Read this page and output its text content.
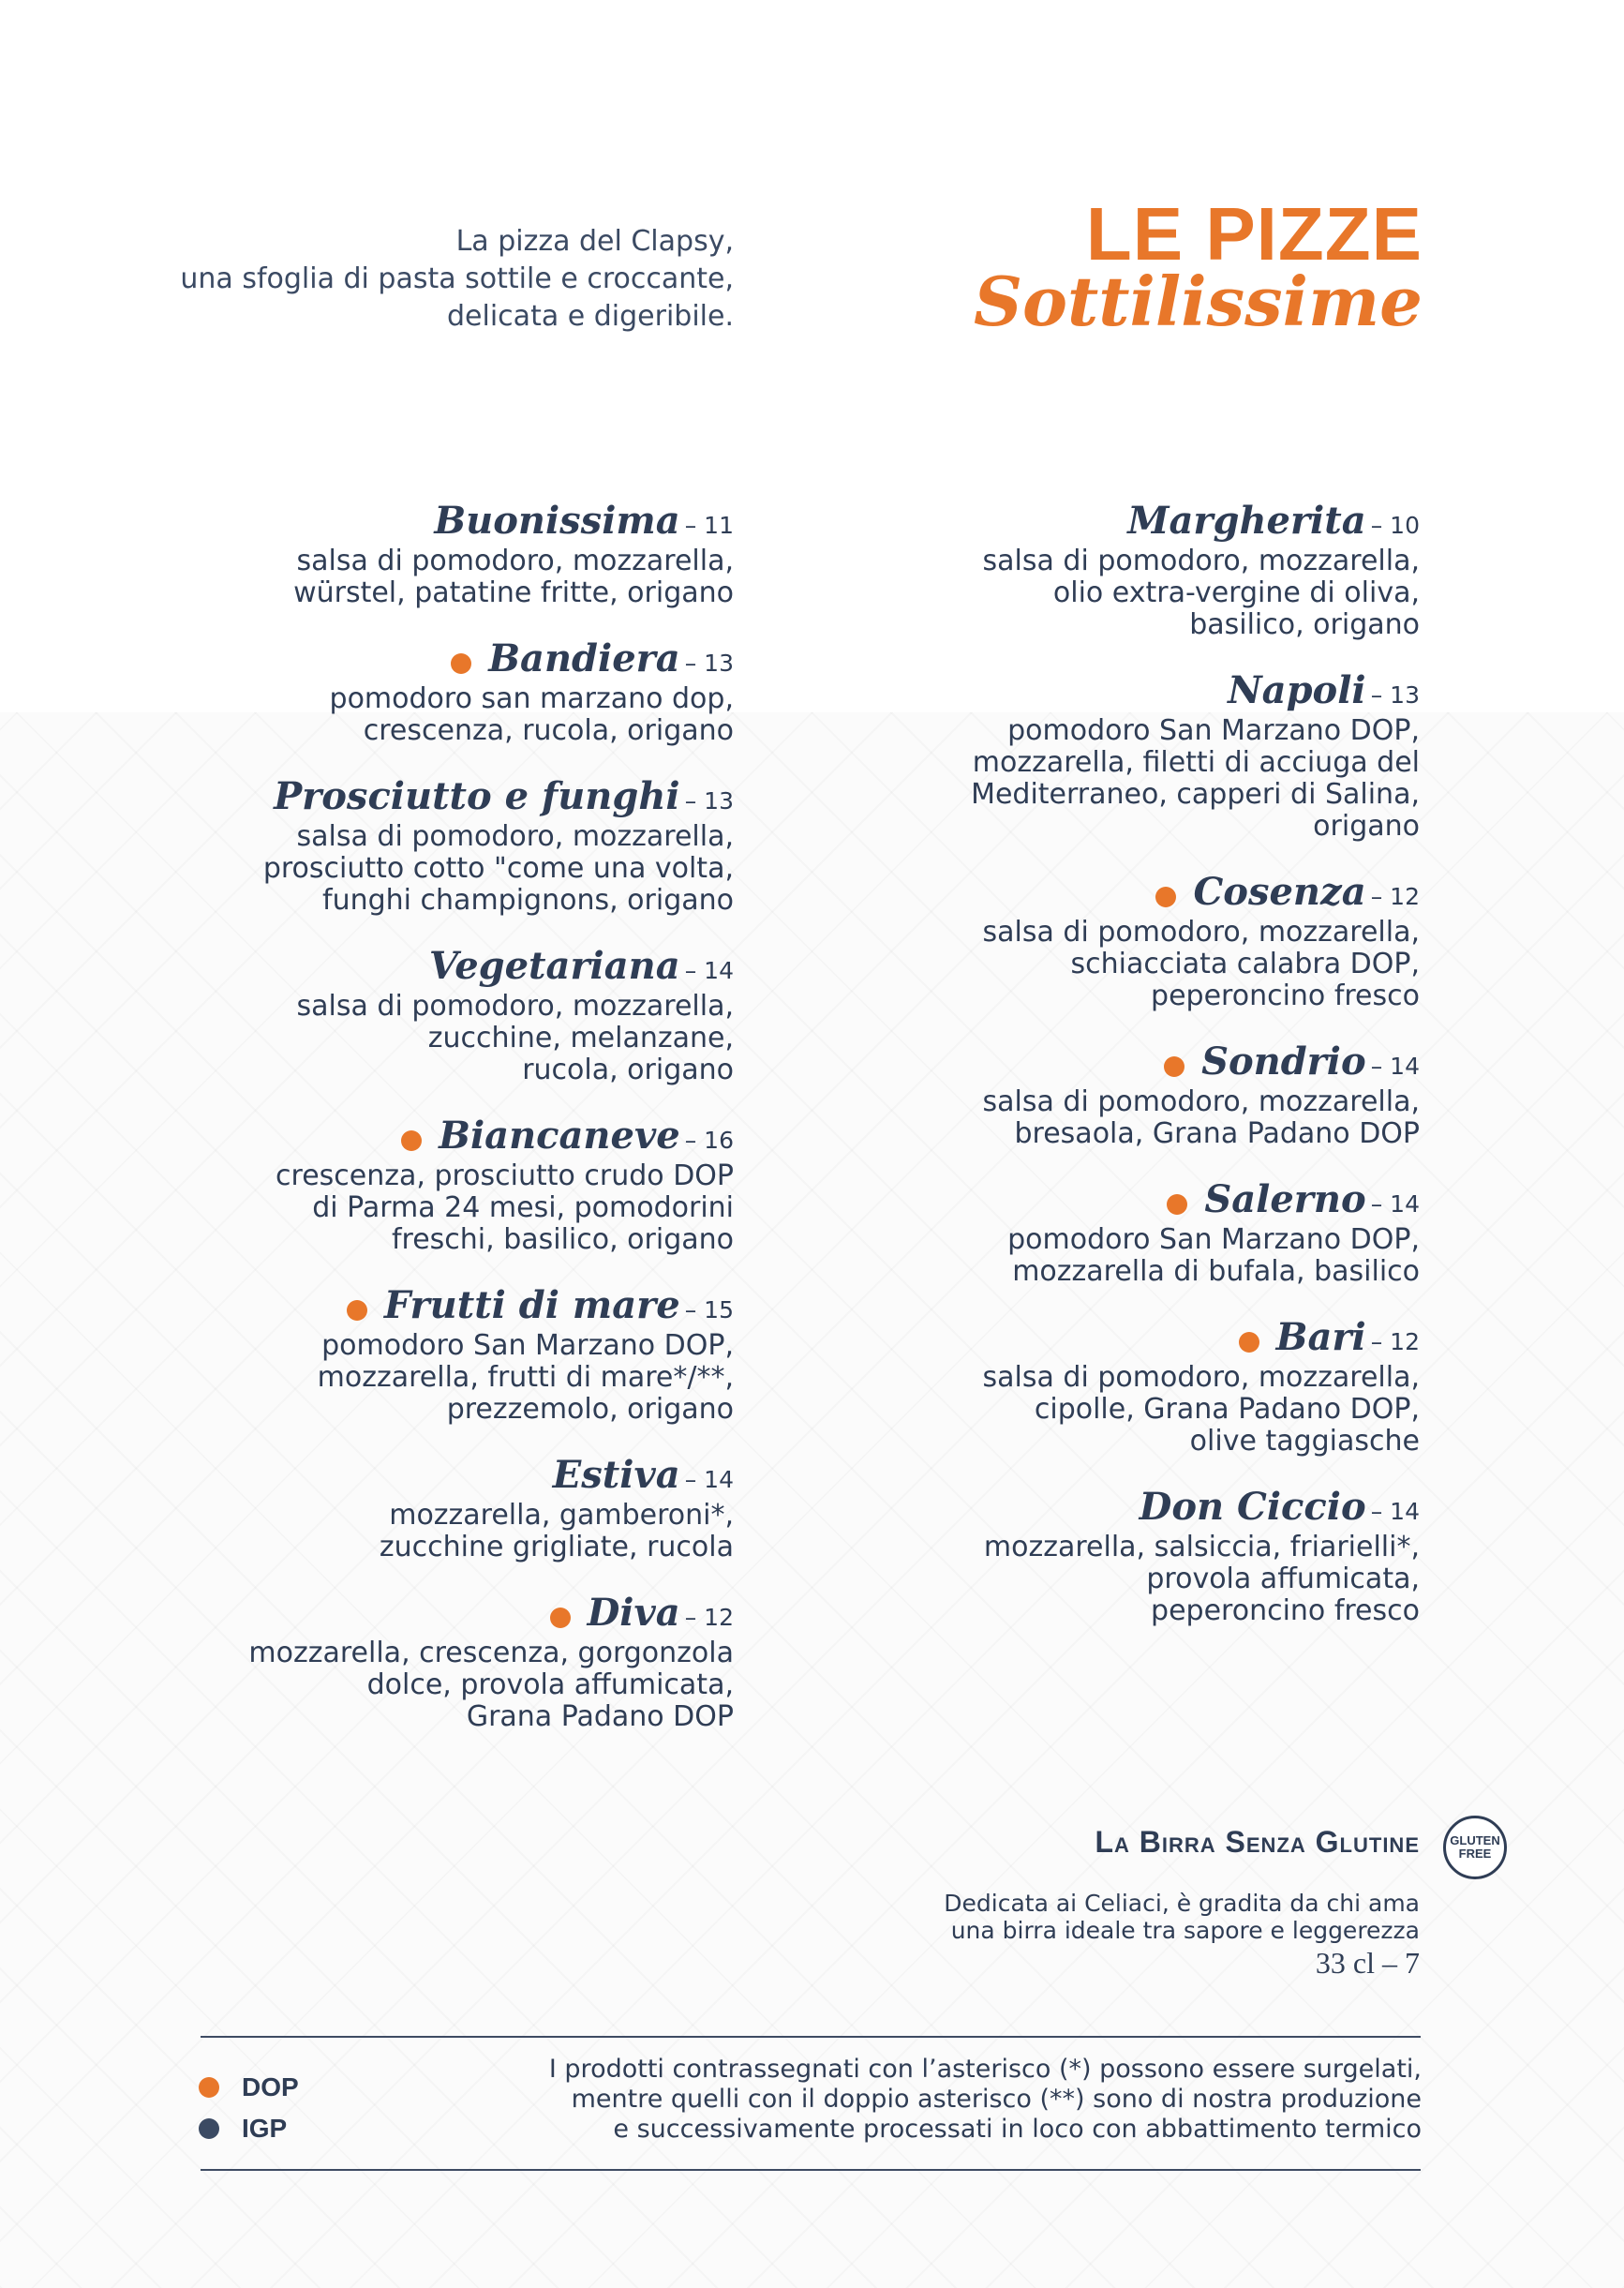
La pizza del Clapsy,
una sfoglia di pasta sottile e croccante,
delicata e digeribile.
LE PIZZE
Sottilissime
Buonissima – 11
salsa di pomodoro, mozzarella,
würstel, patatine fritte, origano
Bandiera – 13
pomodoro san marzano dop,
crescenza, rucola, origano
Prosciutto e funghi – 13
salsa di pomodoro, mozzarella,
prosciutto cotto "come una volta,
funghi champignons, origano
Vegetariana – 14
salsa di pomodoro, mozzarella,
zucchine, melanzane,
rucola, origano
Biancaneve – 16
crescenza, prosciutto crudo DOP
di Parma 24 mesi, pomodorini
freschi, basilico, origano
Frutti di mare – 15
pomodoro San Marzano DOP,
mozzarella, frutti di mare*/**,
prezzemolo, origano
Estiva – 14
mozzarella, gamberoni*,
zucchine grigliate, rucola
Diva – 12
mozzarella, crescenza, gorgonzola
dolce, provola affumicata,
Grana Padano DOP
Margherita – 10
salsa di pomodoro, mozzarella,
olio extra-vergine di oliva,
basilico, origano
Napoli – 13
pomodoro San Marzano DOP,
mozzarella, filetti di acciuga del
Mediterraneo, capperi di Salina,
origano
Cosenza – 12
salsa di pomodoro, mozzarella,
schiacciata calabra DOP,
peperoncino fresco
Sondrio – 14
salsa di pomodoro, mozzarella,
bresaola, Grana Padano DOP
Salerno – 14
pomodoro San Marzano DOP,
mozzarella di bufala, basilico
Bari – 12
salsa di pomodoro, mozzarella,
cipolle, Grana Padano DOP,
olive taggiasche
Don Ciccio – 14
mozzarella, salsiccia, friarielli*,
provola affumicata,
peperoncino fresco
La Birra Senza Glutine
Dedicata ai Celiaci, è gradita da chi ama
una birra ideale tra sapore e leggerezza
33 cl – 7
GLUTEN
FREE
DOP
IGP
I prodotti contrassegnati con l’asterisco (*) possono essere surgelati,
mentre quelli con il doppio asterisco (**) sono di nostra produzione
e successivamente processati in loco con abbattimento termico
